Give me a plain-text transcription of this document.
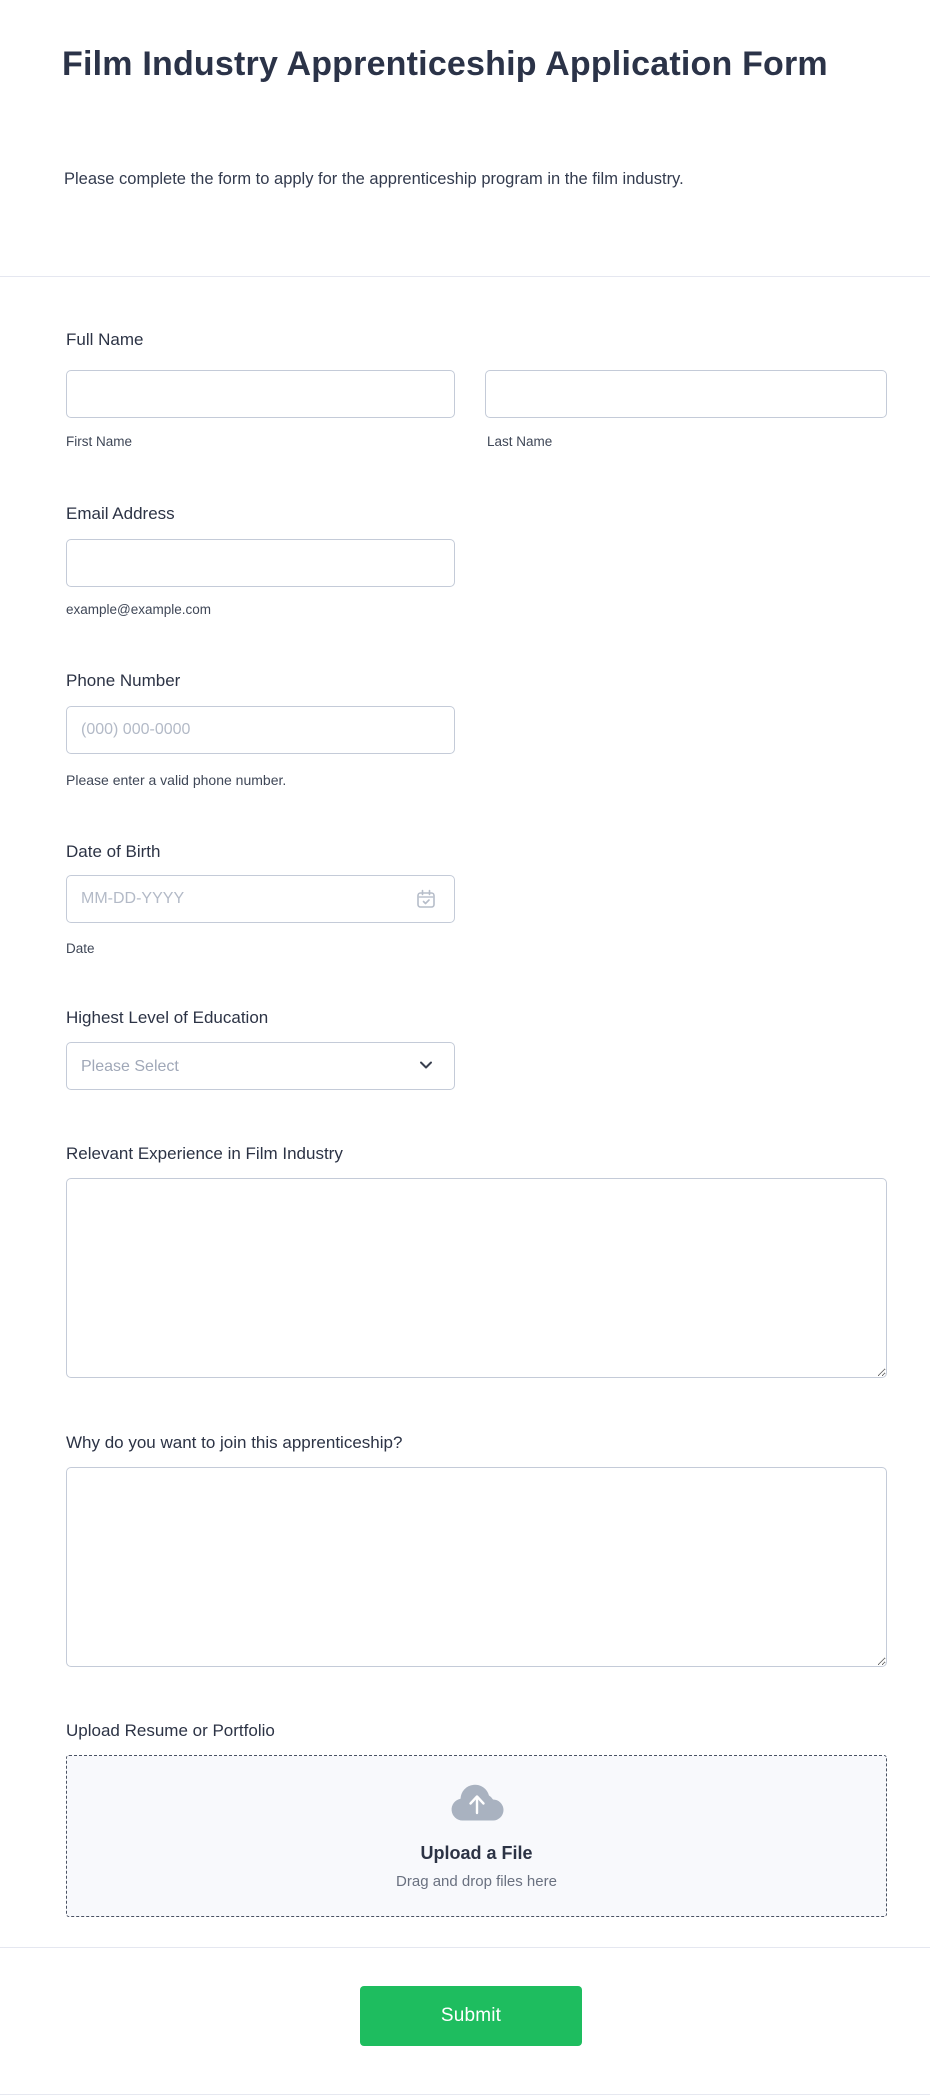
Film Industry Apprenticeship Application Form

Please complete the form to apply for the apprenticeship program in the film industry.

Full Name
First Name	Last Name
Email Address
example@example.com
Phone Number
(000) 000-0000
Please enter a valid phone number.
Date of Birth
MM-DD-YYYY
Date
Highest Level of Education
Please Select
Relevant Experience in Film Industry
Why do you want to join this apprenticeship?
Upload Resume or Portfolio
Upload a File
Drag and drop files here
Submit
